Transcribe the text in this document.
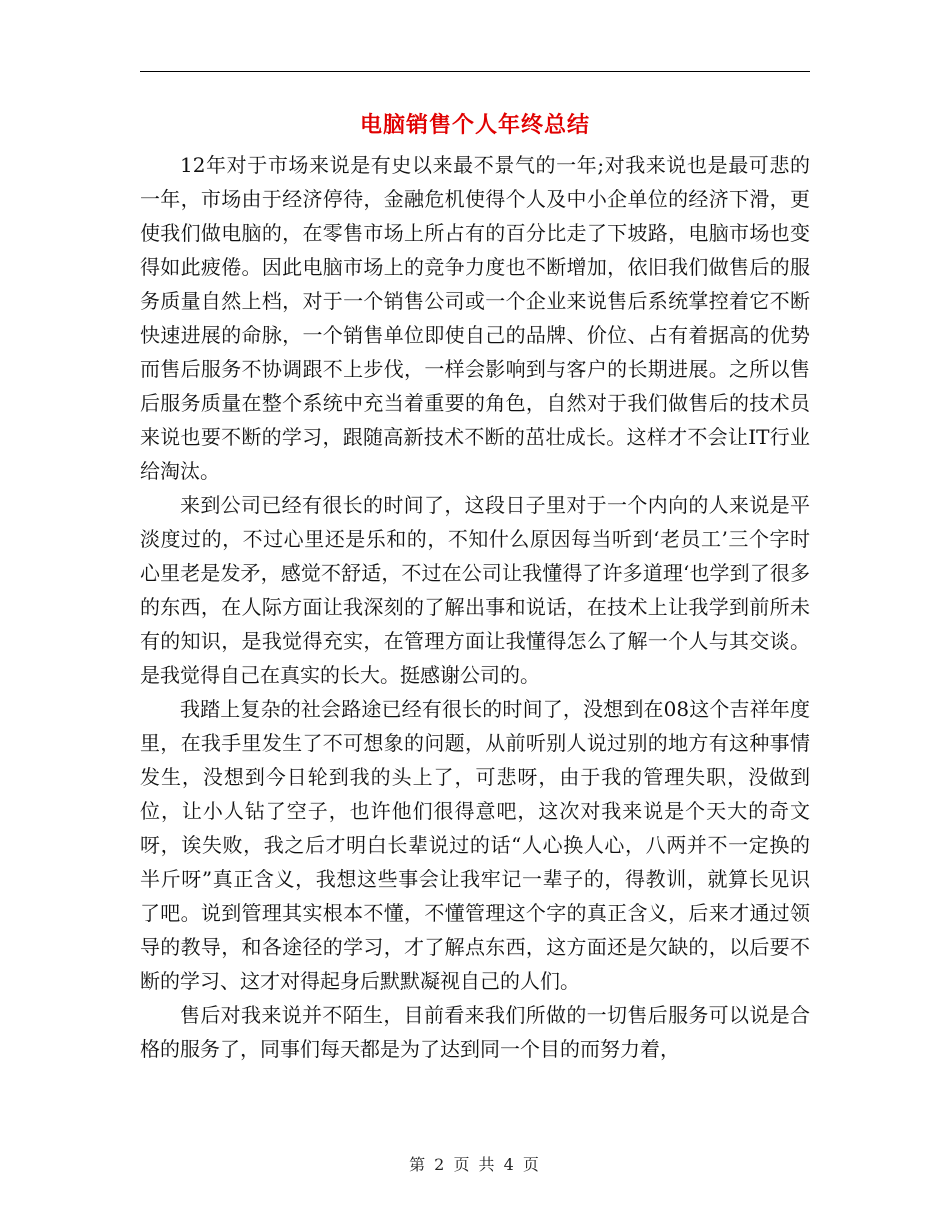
电脑销售个人年终总结

12年对于市场来说是有史以来最不景气的一年;对我来说也是最可悲的一年，市场由于经济停待，金融危机使得个人及中小企单位的经济下滑，更使我们做电脑的，在零售市场上所占有的百分比走了下坡路，电脑市场也变得如此疲倦。因此电脑市场上的竞争力度也不断增加，依旧我们做售后的服务质量自然上档，对于一个销售公司或一个企业来说售后系统掌控着它不断快速进展的命脉，一个销售单位即使自己的品牌、价位、占有着据高的优势而售后服务不协调跟不上步伐，一样会影响到与客户的长期进展。之所以售后服务质量在整个系统中充当着重要的角色，自然对于我们做售后的技术员来说也要不断的学习，跟随高新技术不断的茁壮成长。这样才不会让IT行业给淘汰。

来到公司已经有很长的时间了，这段日子里对于一个内向的人来说是平淡度过的，不过心里还是乐和的，不知什么原因每当听到‘老员工’三个字时心里老是发矛，感觉不舒适，不过在公司让我懂得了许多道理‘也学到了很多的东西，在人际方面让我深刻的了解出事和说话，在技术上让我学到前所未有的知识，是我觉得充实，在管理方面让我懂得怎么了解一个人与其交谈。是我觉得自己在真实的长大。挺感谢公司的。

我踏上复杂的社会路途已经有很长的时间了，没想到在08这个吉祥年度里，在我手里发生了不可想象的问题，从前听别人说过别的地方有这种事情发生，没想到今日轮到我的头上了，可悲呀，由于我的管理失职，没做到位，让小人钻了空子，也许他们很得意吧，这次对我来说是个天大的奇文呀，诶失败，我之后才明白长辈说过的话“人心换人心，八两并不一定换的半斤呀”真正含义，我想这些事会让我牢记一辈子的，得教训，就算长见识了吧。说到管理其实根本不懂，不懂管理这个字的真正含义，后来才通过领导的教导，和各途径的学习，才了解点东西，这方面还是欠缺的，以后要不断的学习、这才对得起身后默默凝视自己的人们。

售后对我来说并不陌生，目前看来我们所做的一切售后服务可以说是合格的服务了，同事们每天都是为了达到同一个目的而努力着，

第 2 页 共 4 页
